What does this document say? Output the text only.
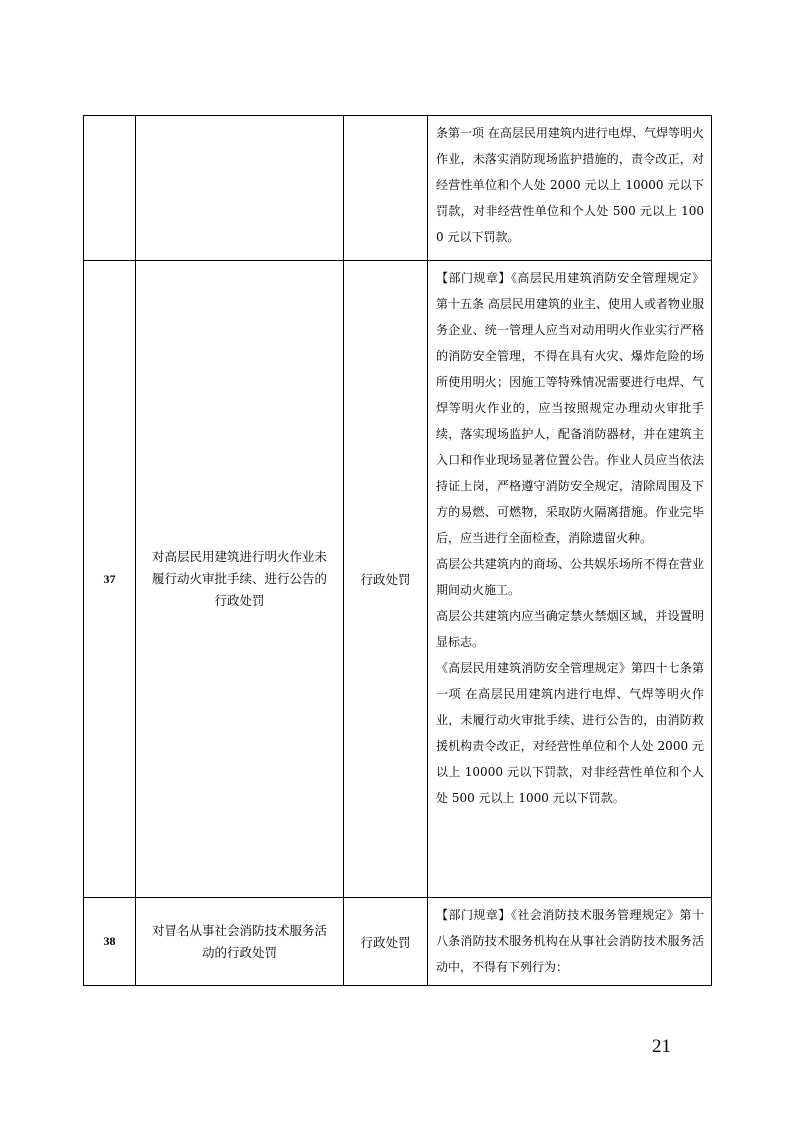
			条第一项 在高层民用建筑内进行电焊、气焊等明火作业，未落实消防现场监护措施的，责令改正，对经营性单位和个人处 2000 元以上 10000 元以下罚款，对非经营性单位和个人处 500 元以上 1000 元以下罚款。

37	对高层民用建筑进行明火作业未履行动火审批手续、进行公告的行政处罚	行政处罚	【部门规章】《高层民用建筑消防安全管理规定》第十五条 高层民用建筑的业主、使用人或者物业服务企业、统一管理人应当对动用明火作业实行严格的消防安全管理，不得在具有火灾、爆炸危险的场所使用明火；因施工等特殊情况需要进行电焊、气焊等明火作业的，应当按照规定办理动火审批手续，落实现场监护人，配备消防器材，并在建筑主入口和作业现场显著位置公告。作业人员应当依法持证上岗，严格遵守消防安全规定，清除周围及下方的易燃、可燃物，采取防火隔离措施。作业完毕后，应当进行全面检查，消除遗留火种。

高层公共建筑内的商场、公共娱乐场所不得在营业期间动火施工。

高层公共建筑内应当确定禁火禁烟区域，并设置明显标志。

《高层民用建筑消防安全管理规定》第四十七条第一项 在高层民用建筑内进行电焊、气焊等明火作业，未履行动火审批手续、进行公告的，由消防救援机构责令改正，对经营性单位和个人处 2000 元以上 10000 元以下罚款，对非经营性单位和个人处 500 元以上 1000 元以下罚款。

38	对冒名从事社会消防技术服务活动的行政处罚	行政处罚	【部门规章】《社会消防技术服务管理规定》第十八条消防技术服务机构在从事社会消防技术服务活动中，不得有下列行为：

21
